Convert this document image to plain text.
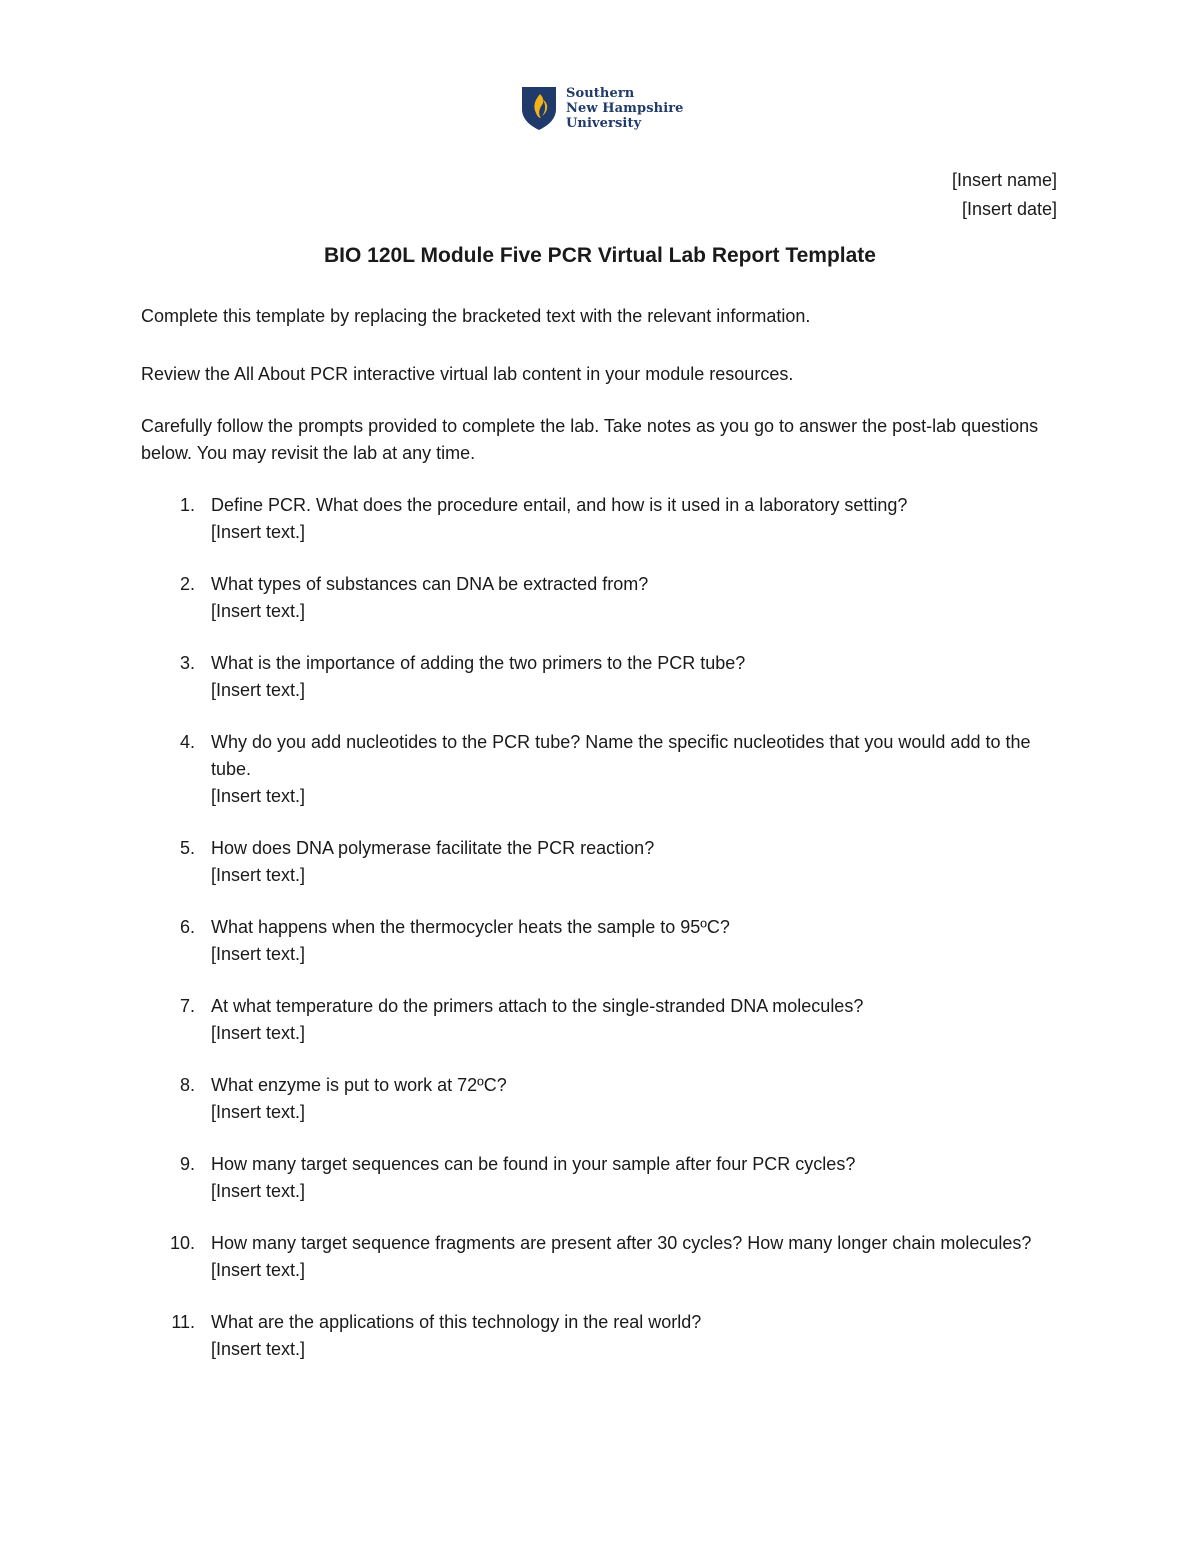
Southern
New Hampshire
University
[Insert name]
[Insert date]
BIO 120L Module Five PCR Virtual Lab Report Template
Complete this template by replacing the bracketed text with the relevant information.
Review the All About PCR interactive virtual lab content in your module resources.
Carefully follow the prompts provided to complete the lab. Take notes as you go to answer the post-lab questions below. You may revisit the lab at any time.
1. Define PCR. What does the procedure entail, and how is it used in a laboratory setting?
[Insert text.]
2. What types of substances can DNA be extracted from?
[Insert text.]
3. What is the importance of adding the two primers to the PCR tube?
[Insert text.]
4. Why do you add nucleotides to the PCR tube? Name the specific nucleotides that you would add to the tube.
[Insert text.]
5. How does DNA polymerase facilitate the PCR reaction?
[Insert text.]
6. What happens when the thermocycler heats the sample to 95ºC?
[Insert text.]
7. At what temperature do the primers attach to the single-stranded DNA molecules?
[Insert text.]
8. What enzyme is put to work at 72ºC?
[Insert text.]
9. How many target sequences can be found in your sample after four PCR cycles?
[Insert text.]
10. How many target sequence fragments are present after 30 cycles? How many longer chain molecules?
[Insert text.]
11. What are the applications of this technology in the real world?
[Insert text.]
